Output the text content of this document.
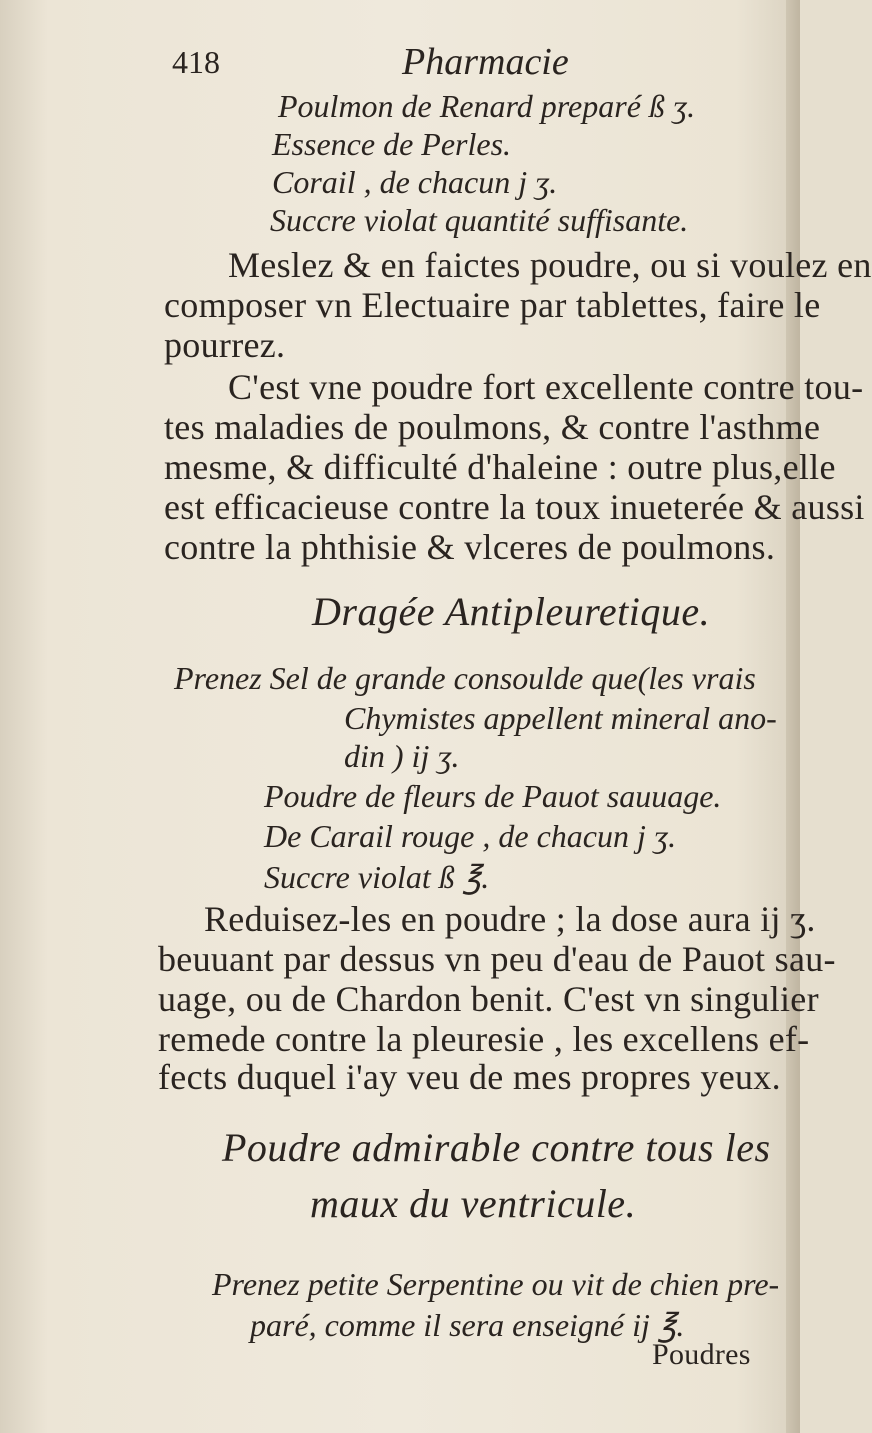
418	Pharmacie
Poulmon de Renard preparé ß ʒ.
Essence de Perles.
Corail , de chacun j ʒ.
Succre violat quantité suffisante.
Meslez & en faictes poudre, ou si voulez en
composer vn Electuaire par tablettes, faire le
pourrez.
C'est vne poudre fort excellente contre tou-
tes maladies de poulmons, & contre l'asthme
mesme, & difficulté d'haleine : outre plus,elle
est efficacieuse contre la toux inueterée & aussi
contre la phthisie & vlceres de poulmons.
Dragée Antipleuretique.
Prenez Sel de grande consoulde que(les vrais
Chymistes appellent mineral ano-
din ) ij ʒ.
Poudre de fleurs de Pauot sauuage.
De Carail rouge , de chacun j ʒ.
Succre violat ß ℥.
Reduisez-les en poudre ; la dose aura ij ʒ.
beuuant par dessus vn peu d'eau de Pauot sau-
uage, ou de Chardon benit. C'est vn singulier
remede contre la pleuresie , les excellens ef-
fects duquel i'ay veu de mes propres yeux.
Poudre admirable contre tous les
maux du ventricule.
Prenez petite Serpentine ou vit de chien pre-
paré, comme il sera enseigné ij ℥.
Poudres
